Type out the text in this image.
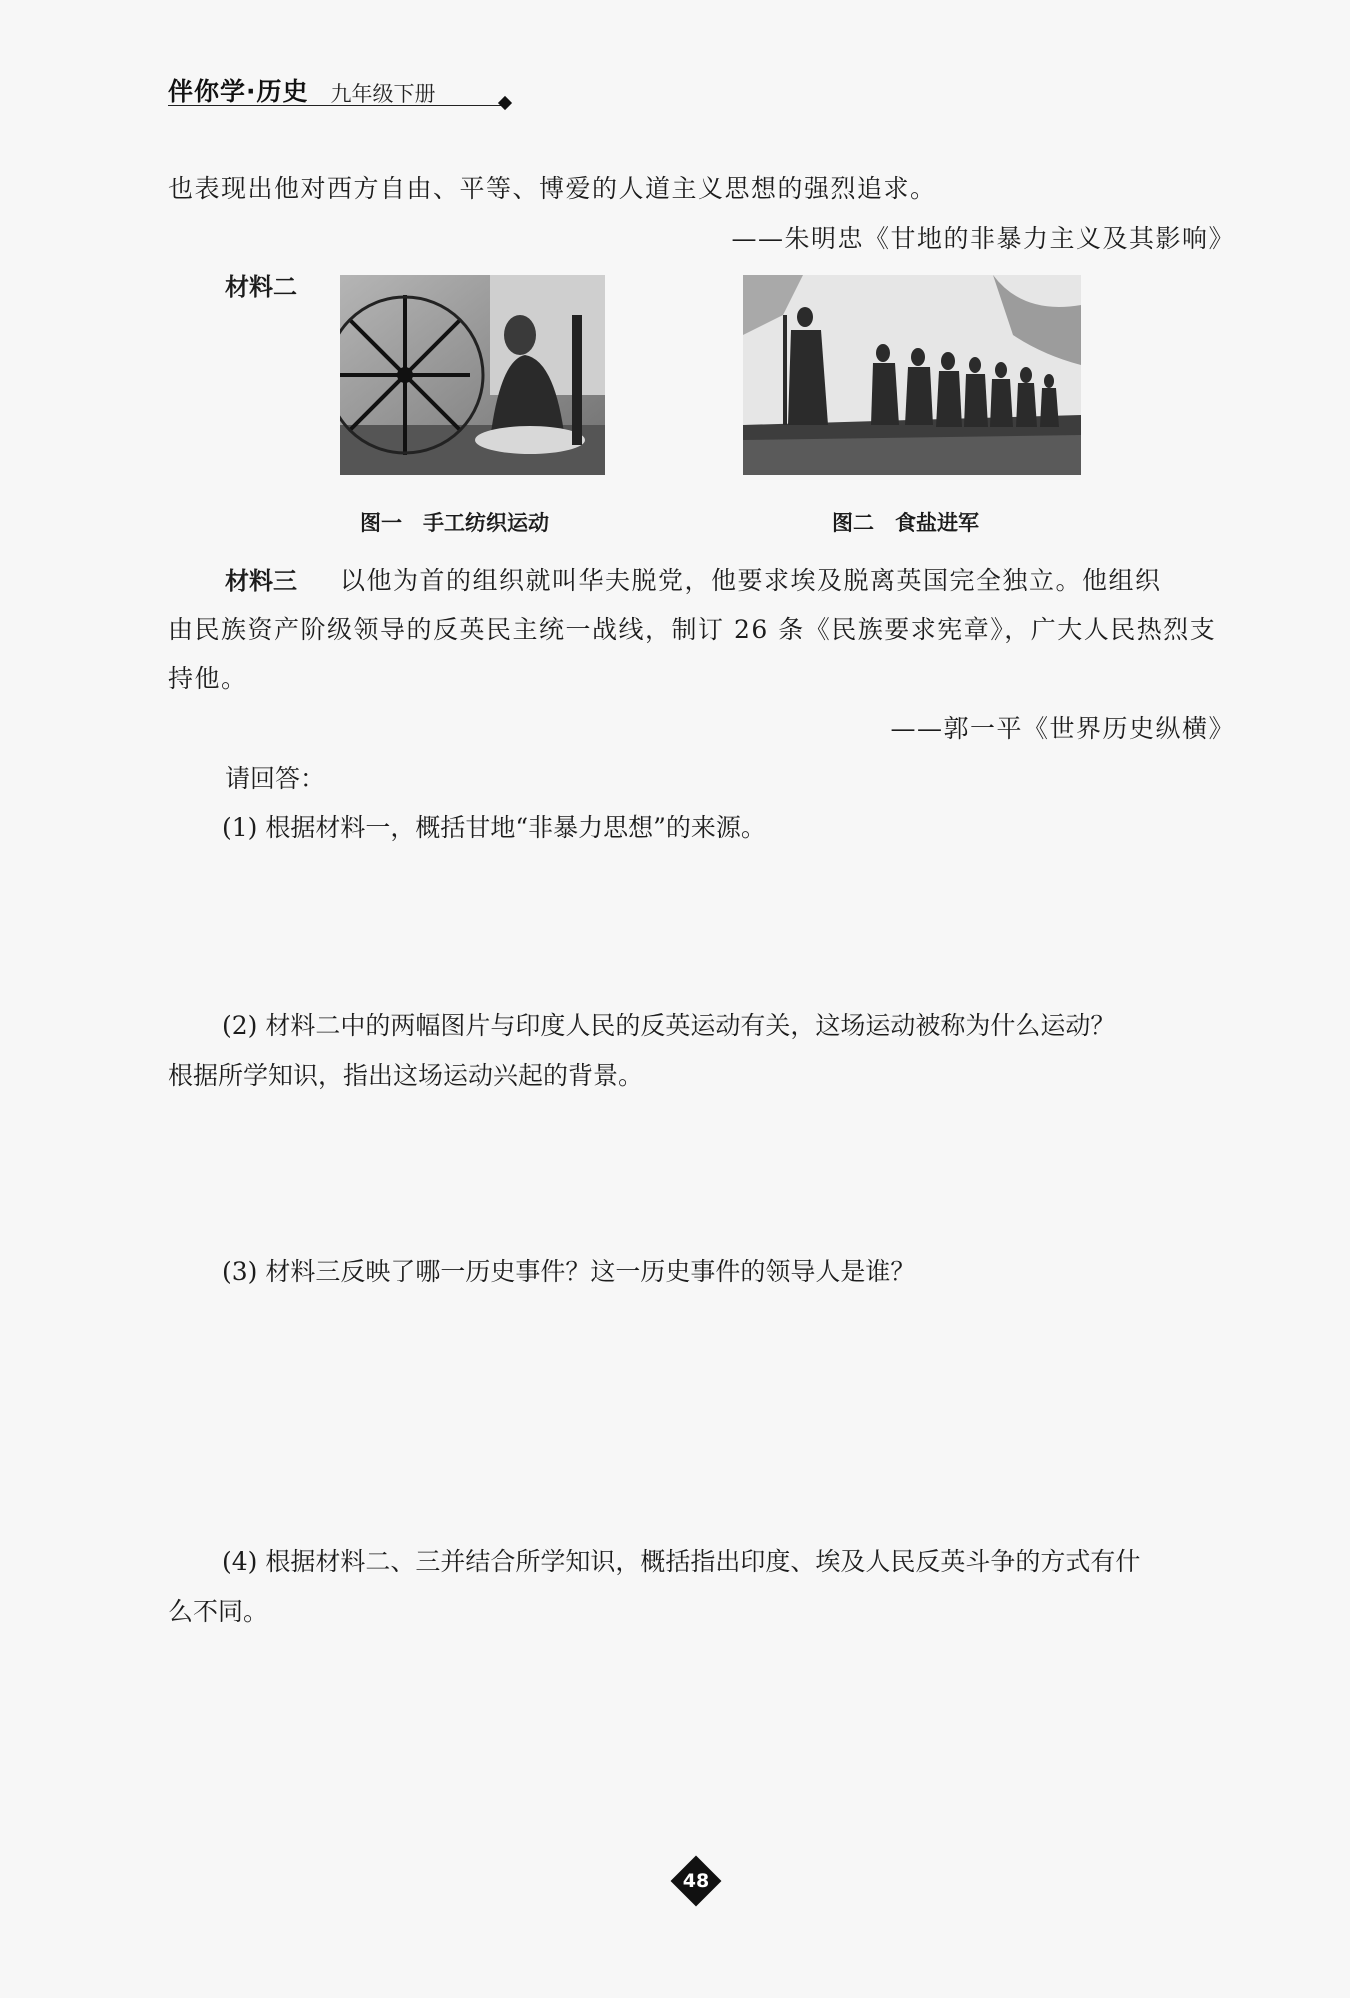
伴你学·历史 九年级下册
也表现出他对西方自由、平等、博爱的人道主义思想的强烈追求。
——朱明忠《甘地的非暴力主义及其影响》
材料二
图一　手工纺织运动	图二　食盐进军
材料三 以他为首的组织就叫华夫脱党，他要求埃及脱离英国完全独立。他组织
由民族资产阶级领导的反英民主统一战线，制订 26 条《民族要求宪章》，广大人民热烈支
持他。
——郭一平《世界历史纵横》
请回答：
(1) 根据材料一，概括甘地“非暴力思想”的来源。
(2) 材料二中的两幅图片与印度人民的反英运动有关，这场运动被称为什么运动？
根据所学知识，指出这场运动兴起的背景。
(3) 材料三反映了哪一历史事件？这一历史事件的领导人是谁？
(4) 根据材料二、三并结合所学知识，概括指出印度、埃及人民反英斗争的方式有什
么不同。
48
